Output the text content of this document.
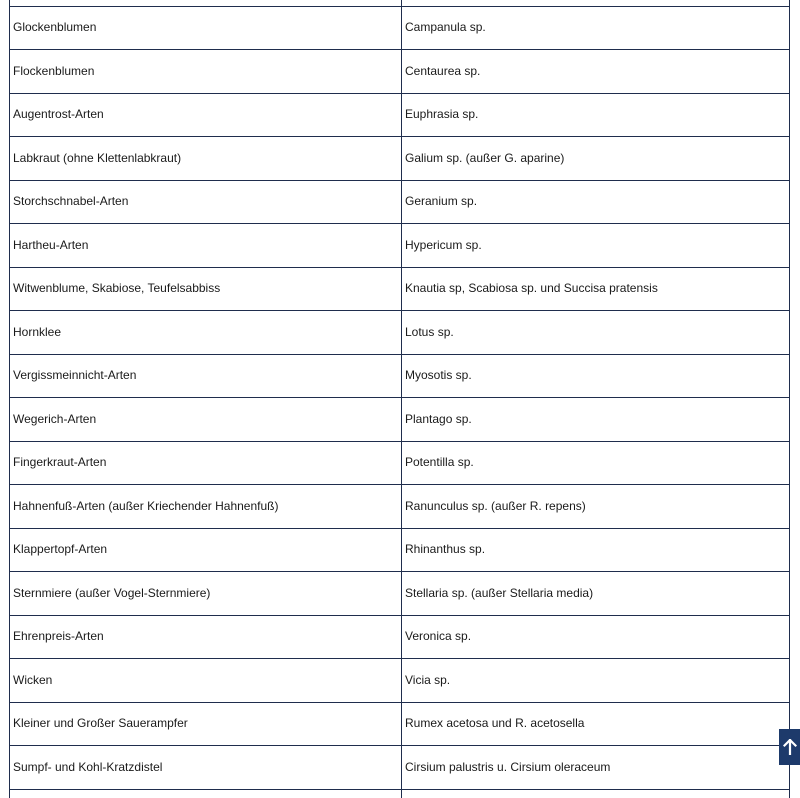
Glockenblumen	Campanula sp.
Flockenblumen	Centaurea sp.
Augentrost-Arten	Euphrasia sp.
Labkraut (ohne Klettenlabkraut)	Galium sp. (außer G. aparine)
Storchschnabel-Arten	Geranium sp.
Hartheu-Arten	Hypericum sp.
Witwenblume, Skabiose, Teufelsabbiss	Knautia sp, Scabiosa sp. und Succisa pratensis
Hornklee	Lotus sp.
Vergissmeinnicht-Arten	Myosotis sp.
Wegerich-Arten	Plantago sp.
Fingerkraut-Arten	Potentilla sp.
Hahnenfuß-Arten (außer Kriechender Hahnenfuß)	Ranunculus sp. (außer R. repens)
Klappertopf-Arten	Rhinanthus sp.
Sternmiere (außer Vogel-Sternmiere)	Stellaria sp. (außer Stellaria media)
Ehrenpreis-Arten	Veronica sp.
Wicken	Vicia sp.
Kleiner und Großer Sauerampfer	Rumex acetosa und R. acetosella
Sumpf- und Kohl-Kratzdistel	Cirsium palustris u. Cirsium oleraceum
